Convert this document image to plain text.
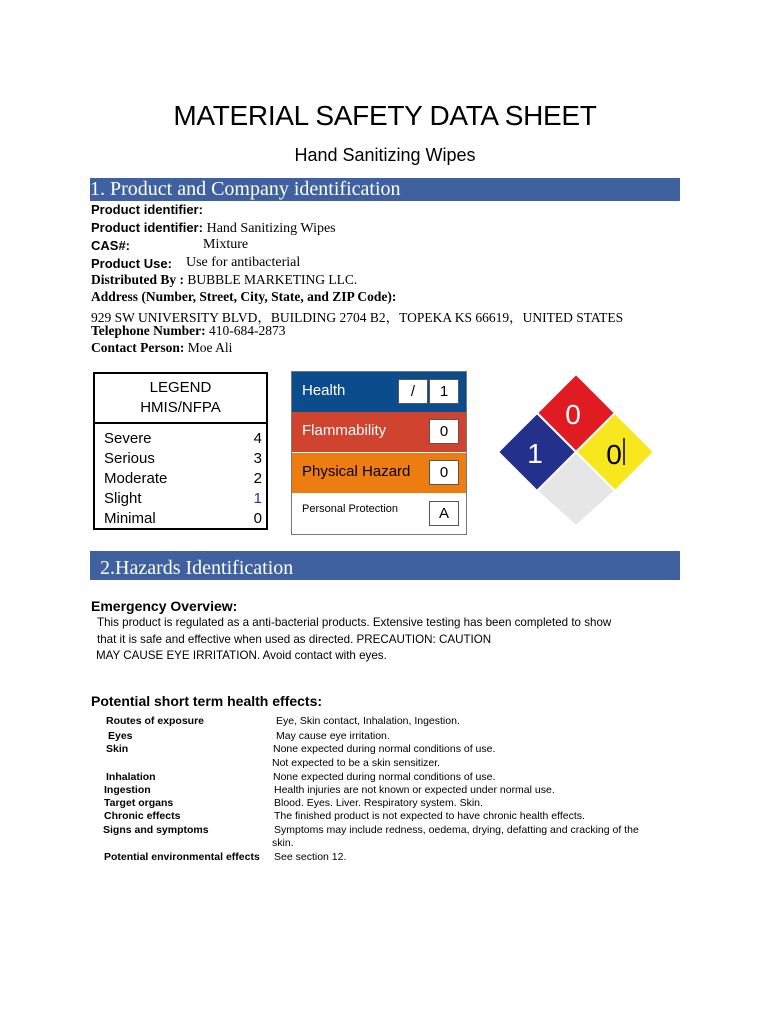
MATERIAL SAFETY DATA SHEET
Hand Sanitizing Wipes
1. Product and Company identification
Product identifier:
Product identifier: Hand Sanitizing Wipes
CAS#:	Mixture
Product Use: Use for antibacterial
Distributed By : BUBBLE MARKETING LLC.
Address (Number, Street, City, State, and ZIP Code):
929 SW UNIVERSITY BLVD，BUILDING 2704 B2，TOPEKA KS 66619，UNITED STATES
Telephone Number: 410-684-2873
Contact Person: Moe Ali
LEGEND
HMIS/NFPA
Severe	4
Serious	3
Moderate	2
Slight	1
Minimal	0
Health	/	1
Flammability	0
Physical Hazard	0
Personal Protection	A
0
1 0
2.Hazards Identification
Emergency Overview:
This product is regulated as a anti-bacterial products. Extensive testing has been completed to show
that it is safe and effective when used as directed. PRECAUTION: CAUTION
MAY CAUSE EYE IRRITATION. Avoid contact with eyes.
Potential short term health effects:
Routes of exposure	Eye, Skin contact, Inhalation, Ingestion.
Eyes	May cause eye irritation.
Skin	None expected during normal conditions of use.
Not expected to be a skin sensitizer.
Inhalation	None expected during normal conditions of use.
Ingestion	Health injuries are not known or expected under normal use.
Target organs	Blood. Eyes. Liver. Respiratory system. Skin.
Chronic effects	The finished product is not expected to have chronic health effects.
Signs and symptoms	Symptoms may include redness, oedema, drying, defatting and cracking of the
skin.
Potential environmental effects See section 12.
